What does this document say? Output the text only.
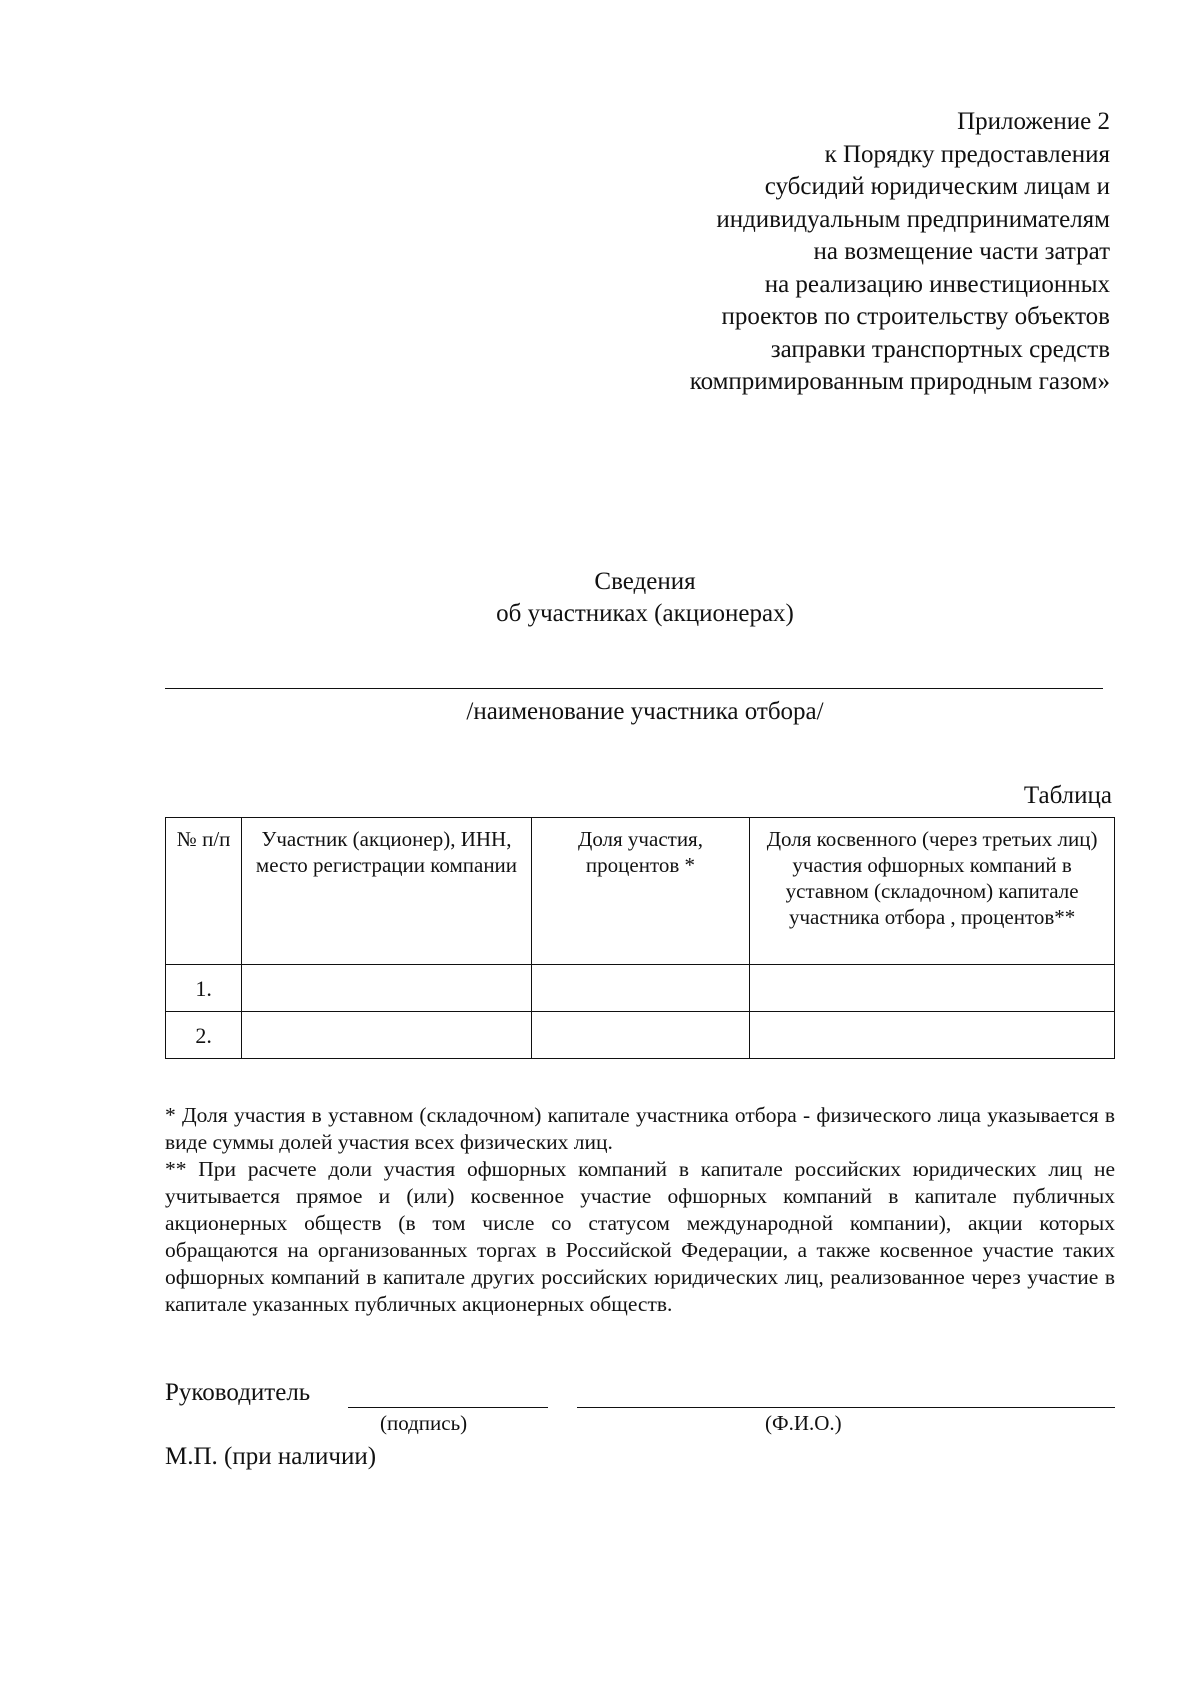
Приложение 2
к Порядку предоставления
субсидий юридическим лицам и
индивидуальным предпринимателям
на возмещение части затрат
на реализацию инвестиционных
проектов по строительству объектов
заправки транспортных средств
компримированным природным газом»
Сведения
об участниках (акционерах)
/наименование участника отбора/
Таблица
№ п/п	Участник (акционер), ИНН, место регистрации компании	Доля участия, процентов *	Доля косвенного (через третьих лиц) участия офшорных компаний в уставном (складочном) капитале участника отбора , процентов**
1.			
2.			

* Доля участия в уставном (складочном) капитале участника отбора - физического лица указывается в виде суммы долей участия всех физических лиц.

** При расчете доли участия офшорных компаний в капитале российских юридических лиц не учитывается прямое и (или) косвенное участие офшорных компаний в капитале публичных акционерных обществ (в том числе со статусом международной компании), акции которых обращаются на организованных торгах в Российской Федерации, а также косвенное участие таких офшорных компаний в капитале других российских юридических лиц, реализованное через участие в капитале указанных публичных акционерных обществ.

Руководитель
(подпись)	(Ф.И.О.)
М.П. (при наличии)
